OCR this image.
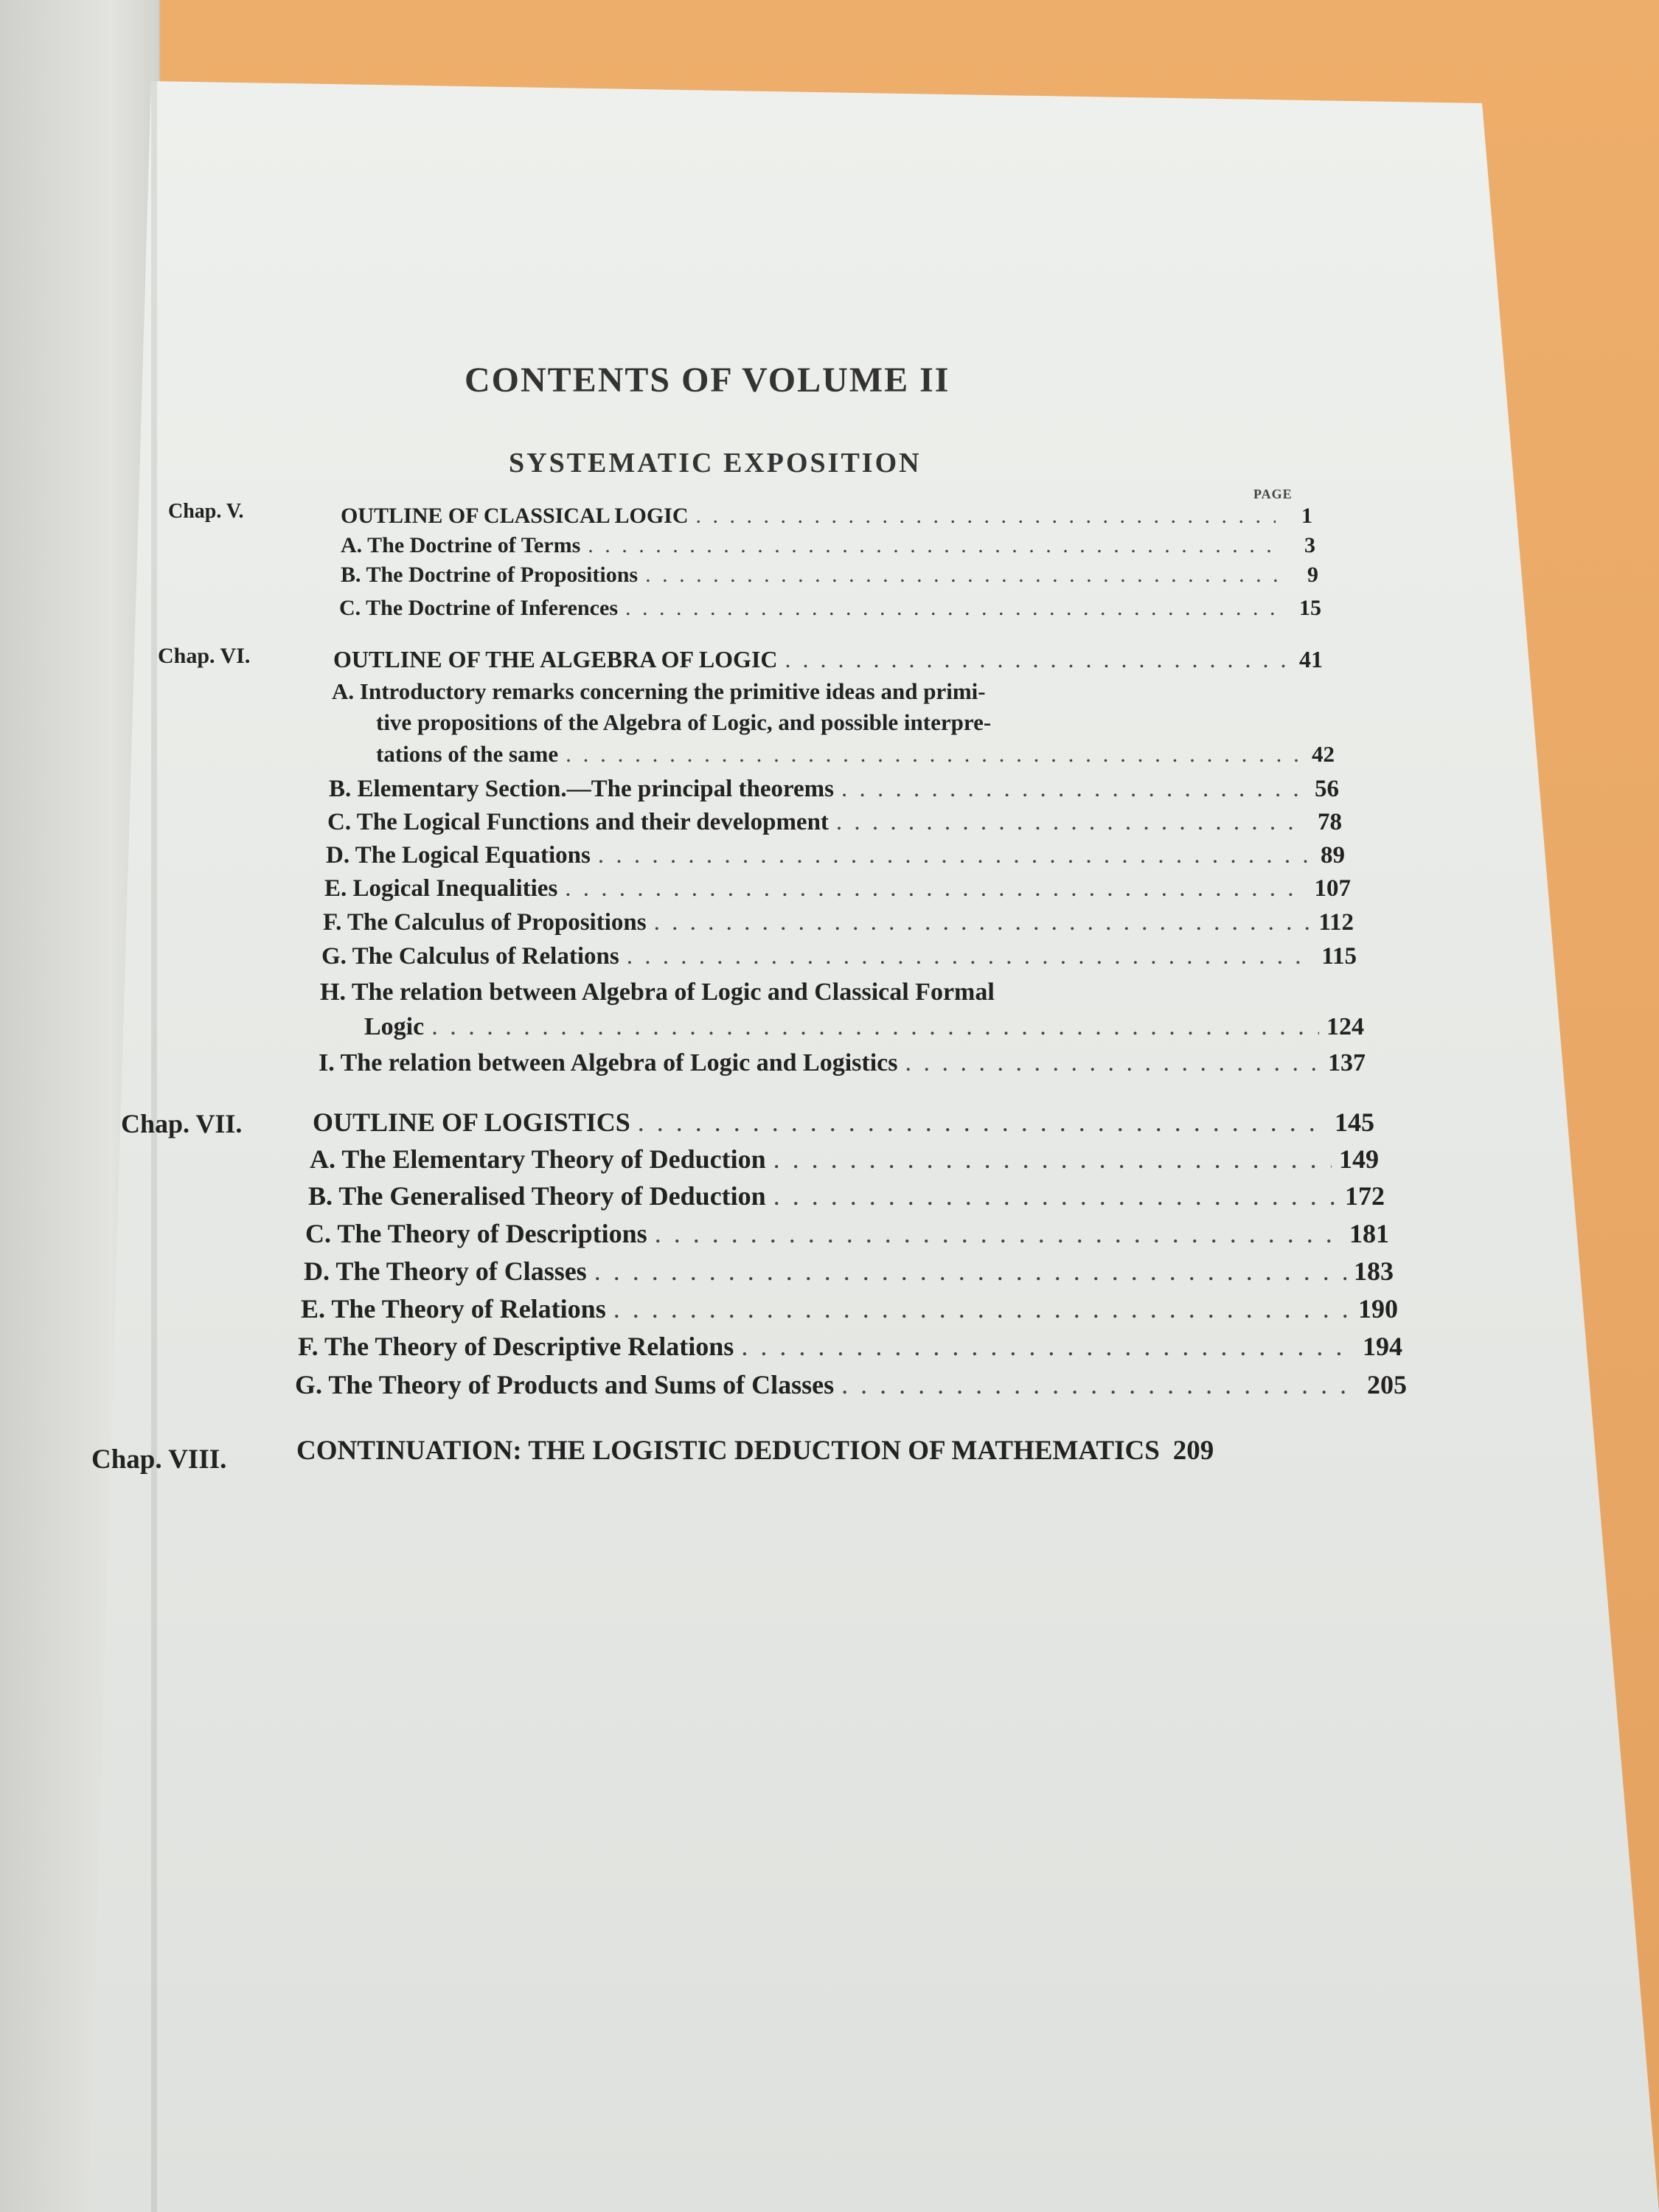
CONTENTS OF VOLUME II
SYSTEMATIC EXPOSITION
PAGE
Chap. V.	OUTLINE OF CLASSICAL LOGIC . . .	1
A. The Doctrine of Terms . . .	3
B. The Doctrine of Propositions . . .	9
C. The Doctrine of Inferences . . .	15
Chap. VI.	OUTLINE OF THE ALGEBRA OF LOGIC . . .	41
A. Introductory remarks concerning the primitive ideas and primi-
tive propositions of the Algebra of Logic, and possible interpre-
tations of the same . . .	42
B. Elementary Section.—The principal theorems . . .	56
C. The Logical Functions and their development . . .	78
D. The Logical Equations . . .	89
E. Logical Inequalities . . .	107
F. The Calculus of Propositions . . .	112
G. The Calculus of Relations . . .	115
H. The relation between Algebra of Logic and Classical Formal
Logic . . .	124
I. The relation between Algebra of Logic and Logistics . . .	137
Chap. VII.	OUTLINE OF LOGISTICS . . .	145
A. The Elementary Theory of Deduction . . .	149
B. The Generalised Theory of Deduction . . .	172
C. The Theory of Descriptions . . .	181
D. The Theory of Classes . . .	183
E. The Theory of Relations . . .	190
F. The Theory of Descriptive Relations . . .	194
G. The Theory of Products and Sums of Classes . . .	205
Chap. VIII.	CONTINUATION: THE LOGISTIC DEDUCTION OF MATHEMATICS 209
